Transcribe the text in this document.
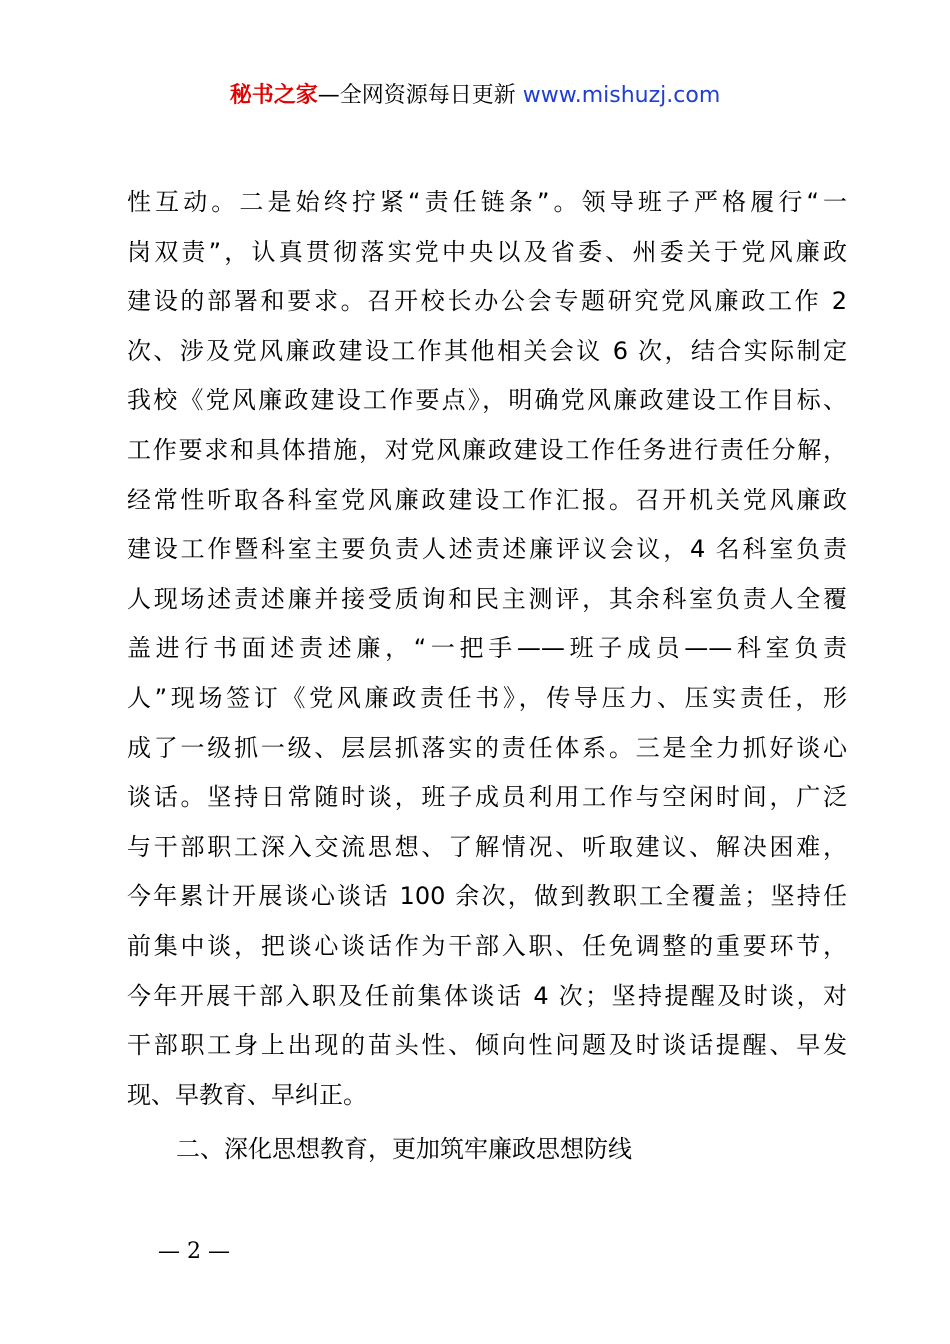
秘书之家—全网资源每日更新 www.mishuzj.com
性互动。二是始终拧紧“责任链条”。领导班子严格履行“一
岗双责”，认真贯彻落实党中央以及省委、州委关于党风廉政
建设的部署和要求。召开校长办公会专题研究党风廉政工作 2
次、涉及党风廉政建设工作其他相关会议 6 次，结合实际制定
我校《党风廉政建设工作要点》，明确党风廉政建设工作目标、
工作要求和具体措施，对党风廉政建设工作任务进行责任分解，
经常性听取各科室党风廉政建设工作汇报。召开机关党风廉政
建设工作暨科室主要负责人述责述廉评议会议，4 名科室负责
人现场述责述廉并接受质询和民主测评，其余科室负责人全覆
盖进行书面述责述廉，“一把手——班子成员——科室负责
人”现场签订《党风廉政责任书》，传导压力、压实责任，形
成了一级抓一级、层层抓落实的责任体系。三是全力抓好谈心
谈话。坚持日常随时谈，班子成员利用工作与空闲时间，广泛
与干部职工深入交流思想、了解情况、听取建议、解决困难，
今年累计开展谈心谈话 100 余次，做到教职工全覆盖；坚持任
前集中谈，把谈心谈话作为干部入职、任免调整的重要环节，
今年开展干部入职及任前集体谈话 4 次；坚持提醒及时谈，对
干部职工身上出现的苗头性、倾向性问题及时谈话提醒、早发
现、早教育、早纠正。
二、深化思想教育，更加筑牢廉政思想防线
— 2 —
